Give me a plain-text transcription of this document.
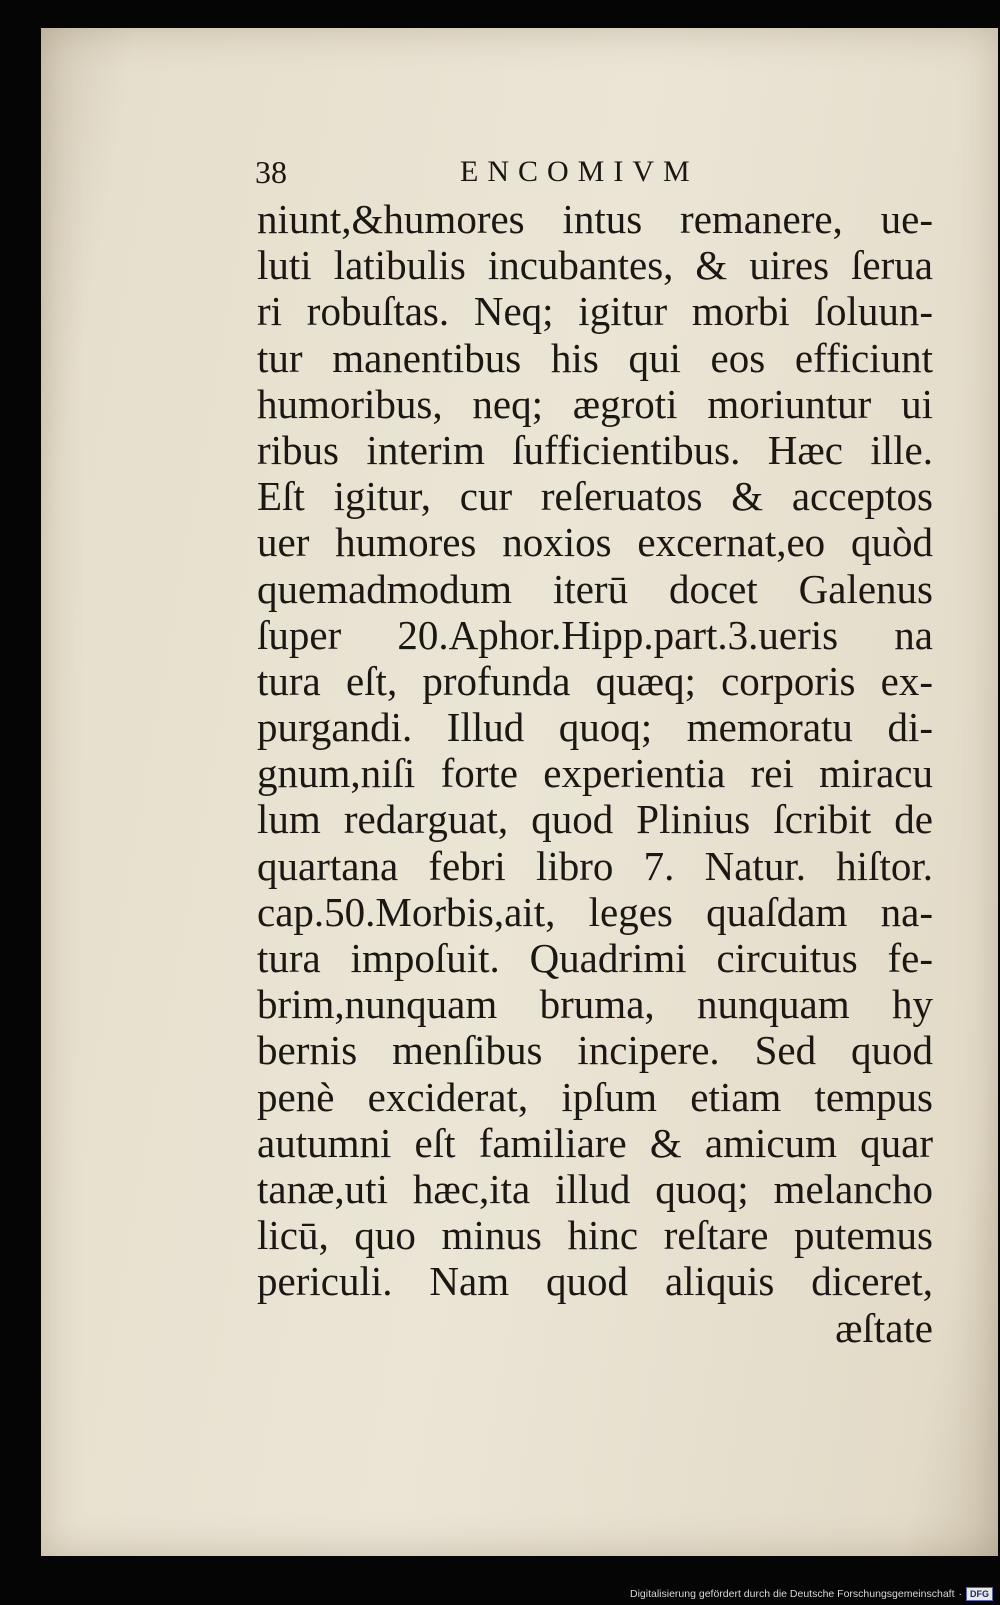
38	ENCOMIVM
niunt,&humores intus remanere, ue-
luti latibulis incubantes, & uires ſerua
ri robuſtas. Neq; igitur morbi ſoluun-
tur manentibus his qui eos efficiunt
humoribus, neq; ægroti moriuntur ui
ribus interim ſufficientibus. Hæc ille.
Eſt igitur, cur reſeruatos & acceptos
uer humores noxios excernat,eo quòd
quemadmodum iterū docet Galenus
ſuper 20.Aphor.Hipp.part.3.ueris na
tura eſt, profunda quæq; corporis ex-
purgandi. Illud quoq; memoratu di-
gnum,niſi forte experientia rei miracu
lum redarguat, quod Plinius ſcribit de
quartana febri libro 7. Natur. hiſtor.
cap.50.Morbis,ait, leges quaſdam na-
tura impoſuit. Quadrimi circuitus fe-
brim,nunquam bruma, nunquam hy
bernis menſibus incipere. Sed quod
penè exciderat, ipſum etiam tempus
autumni eſt familiare & amicum quar
tanæ,uti hæc,ita illud quoq; melancho
licū, quo minus hinc reſtare putemus
periculi. Nam quod aliquis diceret,
æſtate
Digitalisierung gefördert durch die Deutsche Forschungsgemeinschaft · DFG
